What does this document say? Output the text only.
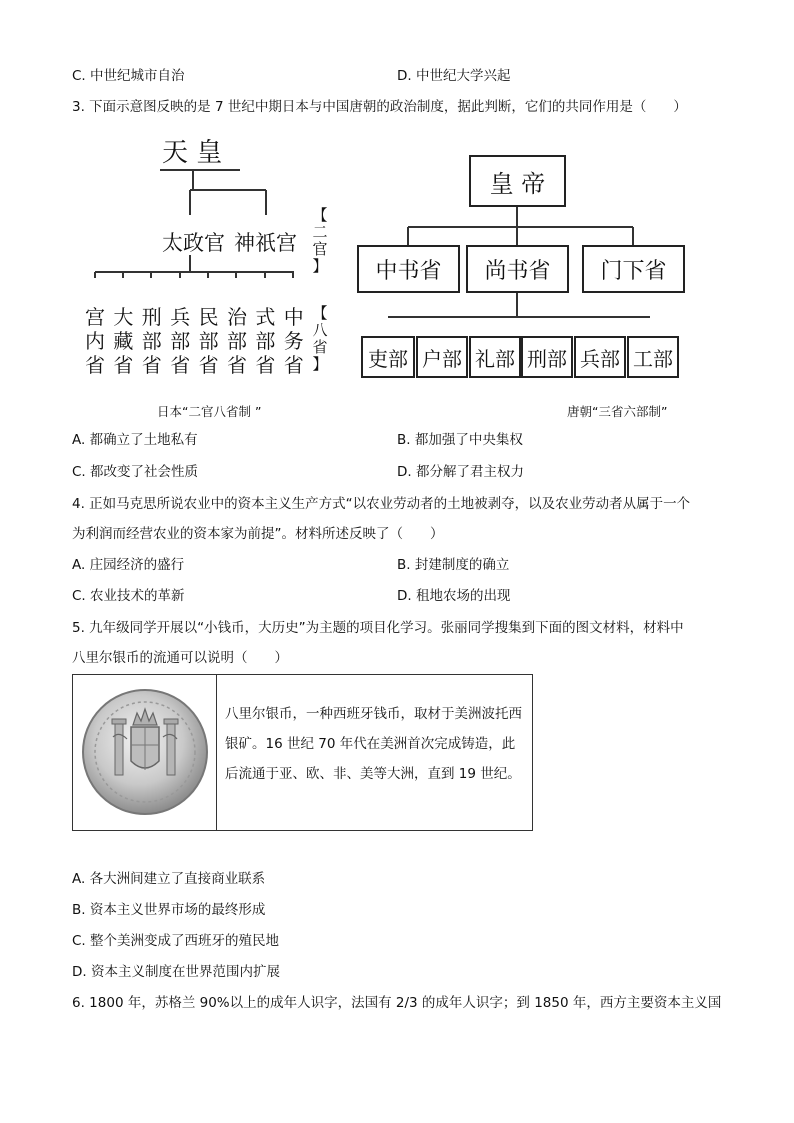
C. 中世纪城市自治	D. 中世纪大学兴起
3. 下面示意图反映的是 7 世纪中期日本与中国唐朝的政治制度，据此判断，它们的共同作用是（　　）
天 皇
太政官 神祇宫
宫
内
省
大
藏
省
刑
部
省
兵
部
省
民
部
省
治
部
省
式
部
省
中
务
省
【
二
官
】
【
八
省
】
皇 帝
中书省	尚书省	门下省
吏部 户部 礼部 刑部 兵部 工部
日本“二官八省制 ”	唐朝“三省六部制”
A. 都确立了土地私有	B. 都加强了中央集权
C. 都改变了社会性质	D. 都分解了君主权力
4. 正如马克思所说农业中的资本主义生产方式“以农业劳动者的土地被剥夺，以及农业劳动者从属于一个
为利润而经营农业的资本家为前提”。材料所述反映了（　　）
A. 庄园经济的盛行	B. 封建制度的确立
C. 农业技术的革新	D. 租地农场的出现
5. 九年级同学开展以“小钱币，大历史”为主题的项目化学习。张丽同学搜集到下面的图文材料，材料中
八里尔银币的流通可以说明（　　）
八里尔银币，一种西班牙钱币，取材于美洲波托西银矿。16 世纪 70 年代在美洲首次完成铸造，此后流通于亚、欧、非、美等大洲，直到 19 世纪。
A. 各大洲间建立了直接商业联系
B. 资本主义世界市场的最终形成
C. 整个美洲变成了西班牙的殖民地
D. 资本主义制度在世界范围内扩展
6. 1800 年，苏格兰 90%以上的成年人识字，法国有 2/3 的成年人识字；到 1850 年，西方主要资本主义国
